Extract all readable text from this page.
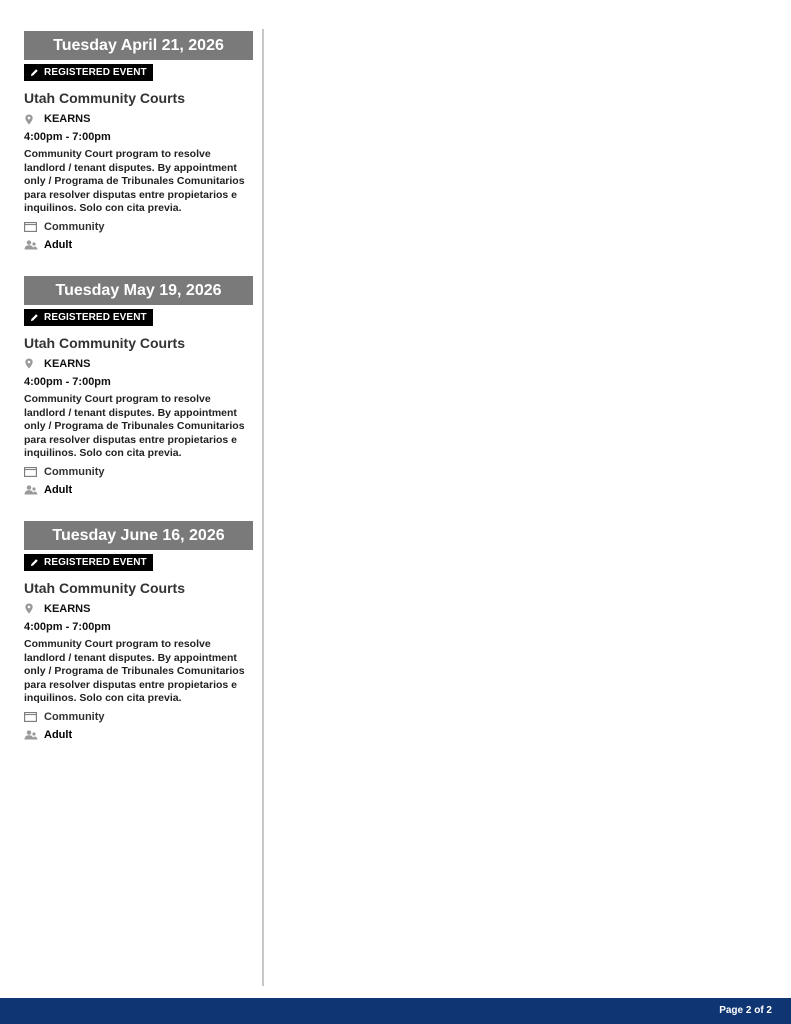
Tuesday April 21, 2026
REGISTERED EVENT
Utah Community Courts
KEARNS
4:00pm - 7:00pm
Community Court program to resolve landlord / tenant disputes. By appointment only / Programa de Tribunales Comunitarios para resolver disputas entre propietarios e inquilinos. Solo con cita previa.
Community
Adult
Tuesday May 19, 2026
REGISTERED EVENT
Utah Community Courts
KEARNS
4:00pm - 7:00pm
Community Court program to resolve landlord / tenant disputes. By appointment only / Programa de Tribunales Comunitarios para resolver disputas entre propietarios e inquilinos. Solo con cita previa.
Community
Adult
Tuesday June 16, 2026
REGISTERED EVENT
Utah Community Courts
KEARNS
4:00pm - 7:00pm
Community Court program to resolve landlord / tenant disputes. By appointment only / Programa de Tribunales Comunitarios para resolver disputas entre propietarios e inquilinos. Solo con cita previa.
Community
Adult
Page 2 of 2
